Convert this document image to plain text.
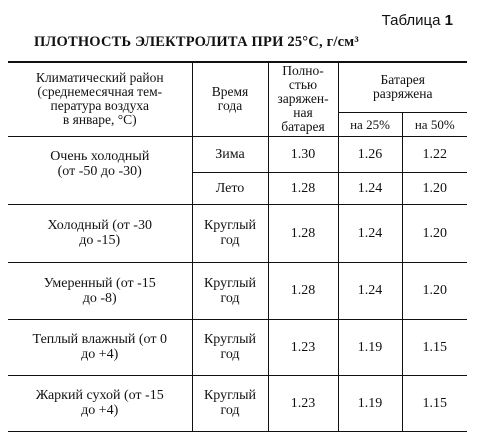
Таблица 1
ПЛОТНОСТЬ ЭЛЕКТРОЛИТА ПРИ 25°С, г/см³
Климатический район
(среднемесячная тем-
пература воздуха
в январе, °С)	Время
года	Полно-
стью
заряжен-
ная
батарея	Батарея
разряжена	

			на 25%	на 50%

Очень холодный
(от -50 до -30)	Зима	1.30	1.26	1.22

	Лето	1.28	1.24	1.20

Холодный (от -30
до -15)	Круглый
год	1.28	1.24	1.20

Умеренный (от -15
до -8)	Круглый
год	1.28	1.24	1.20

Теплый влажный (от 0
до +4)	Круглый
год	1.23	1.19	1.15

Жаркий сухой (от -15
до +4)	Круглый
год	1.23	1.19	1.15
